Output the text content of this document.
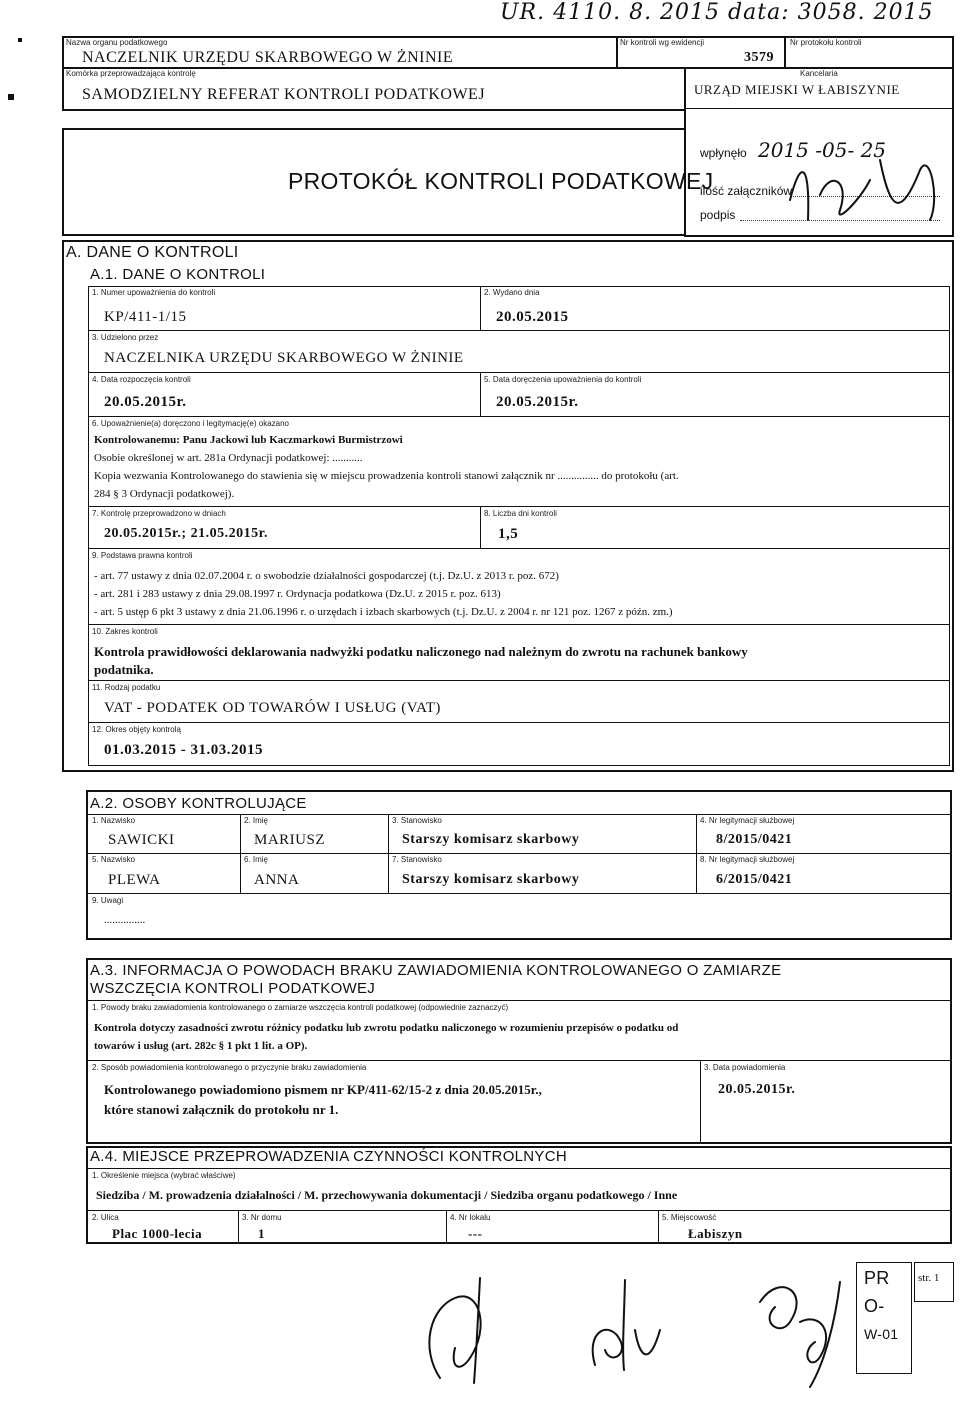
UR. 4110. 8. 2015 data: 3058. 2015
Nazwa organu podatkowego
NACZELNIK URZĘDU SKARBOWEGO W ŻNINIE
Nr kontroli wg ewidencji
3579
Nr protokołu kontroli
Komórka przeprowadzająca kontrolę
SAMODZIELNY REFERAT KONTROLI PODATKOWEJ
Kancelaria
URZĄD MIEJSKI W ŁABISZYNIE
wpłynęło 2015 -05- 25
ilość załączników
podpis
PROTOKÓŁ KONTROLI PODATKOWEJ
A. DANE O KONTROLI
A.1. DANE O KONTROLI
1. Numer upoważnienia do kontroli
KP/411-1/15
2. Wydano dnia
20.05.2015
3. Udzielono przez
NACZELNIKA URZĘDU SKARBOWEGO W ŻNINIE
4. Data rozpoczęcia kontroli
20.05.2015r.
5. Data doręczenia upoważnienia do kontroli
20.05.2015r.
6. Upoważnienie(a) doręczono i legitymację(e) okazano
Kontrolowanemu: Panu Jackowi lub Kaczmarkowi Burmistrzowi
Osobie określonej w art. 281a Ordynacji podatkowej: ...........
Kopia wezwania Kontrolowanego do stawienia się w miejscu prowadzenia kontroli stanowi załącznik nr ............... do protokołu (art.
284 § 3 Ordynacji podatkowej).
7. Kontrolę przeprowadzono w dniach
20.05.2015r.; 21.05.2015r.
8. Liczba dni kontroli
1,5
9. Podstawa prawna kontroli
- art. 77 ustawy z dnia 02.07.2004 r. o swobodzie działalności gospodarczej (t.j. Dz.U. z 2013 r. poz. 672)
- art. 281 i 283 ustawy z dnia 29.08.1997 r. Ordynacja podatkowa (Dz.U. z 2015 r. poz. 613)
- art. 5 ustęp 6 pkt 3 ustawy z dnia 21.06.1996 r. o urzędach i izbach skarbowych (t.j. Dz.U. z 2004 r. nr 121 poz. 1267 z późn. zm.)
10. Zakres kontroli
Kontrola prawidłowości deklarowania nadwyżki podatku naliczonego nad należnym do zwrotu na rachunek bankowy
podatnika.
11. Rodzaj podatku
VAT - PODATEK OD TOWARÓW I USŁUG (VAT)
12. Okres objęty kontrolą
01.03.2015 - 31.03.2015
A.2. OSOBY KONTROLUJĄCE
1. Nazwisko	2. Imię	3. Stanowisko	4. Nr legitymacji służbowej
SAWICKI	MARIUSZ	Starszy komisarz skarbowy	8/2015/0421
5. Nazwisko	6. Imię	7. Stanowisko	8. Nr legitymacji służbowej
PLEWA	ANNA	Starszy komisarz skarbowy	6/2015/0421
9. Uwagi
...............
A.3. INFORMACJA O POWODACH BRAKU ZAWIADOMIENIA KONTROLOWANEGO O ZAMIARZE
WSZCZĘCIA KONTROLI PODATKOWEJ
1. Powody braku zawiadomienia kontrolowanego o zamiarze wszczęcia kontroli podatkowej (odpowiednie zaznaczyć)
Kontrola dotyczy zasadności zwrotu różnicy podatku lub zwrotu podatku naliczonego w rozumieniu przepisów o podatku od
towarów i usług (art. 282c § 1 pkt 1 lit. a OP).
2. Sposób powiadomienia kontrolowanego o przyczynie braku zawiadomienia
Kontrolowanego powiadomiono pismem nr KP/411-62/15-2 z dnia 20.05.2015r.,
które stanowi załącznik do protokołu nr 1.
3. Data powiadomienia
20.05.2015r.
A.4. MIEJSCE PRZEPROWADZENIA CZYNNOŚCI KONTROLNYCH
1. Określenie miejsca (wybrać właściwe)
Siedziba / M. prowadzenia działalności / M. przechowywania dokumentacji / Siedziba organu podatkowego / Inne
2. Ulica
Plac 1000-lecia
3. Nr domu
1
4. Nr lokalu
---
5. Miejscowość
Łabiszyn
PR
O-
W-01
str. 1
